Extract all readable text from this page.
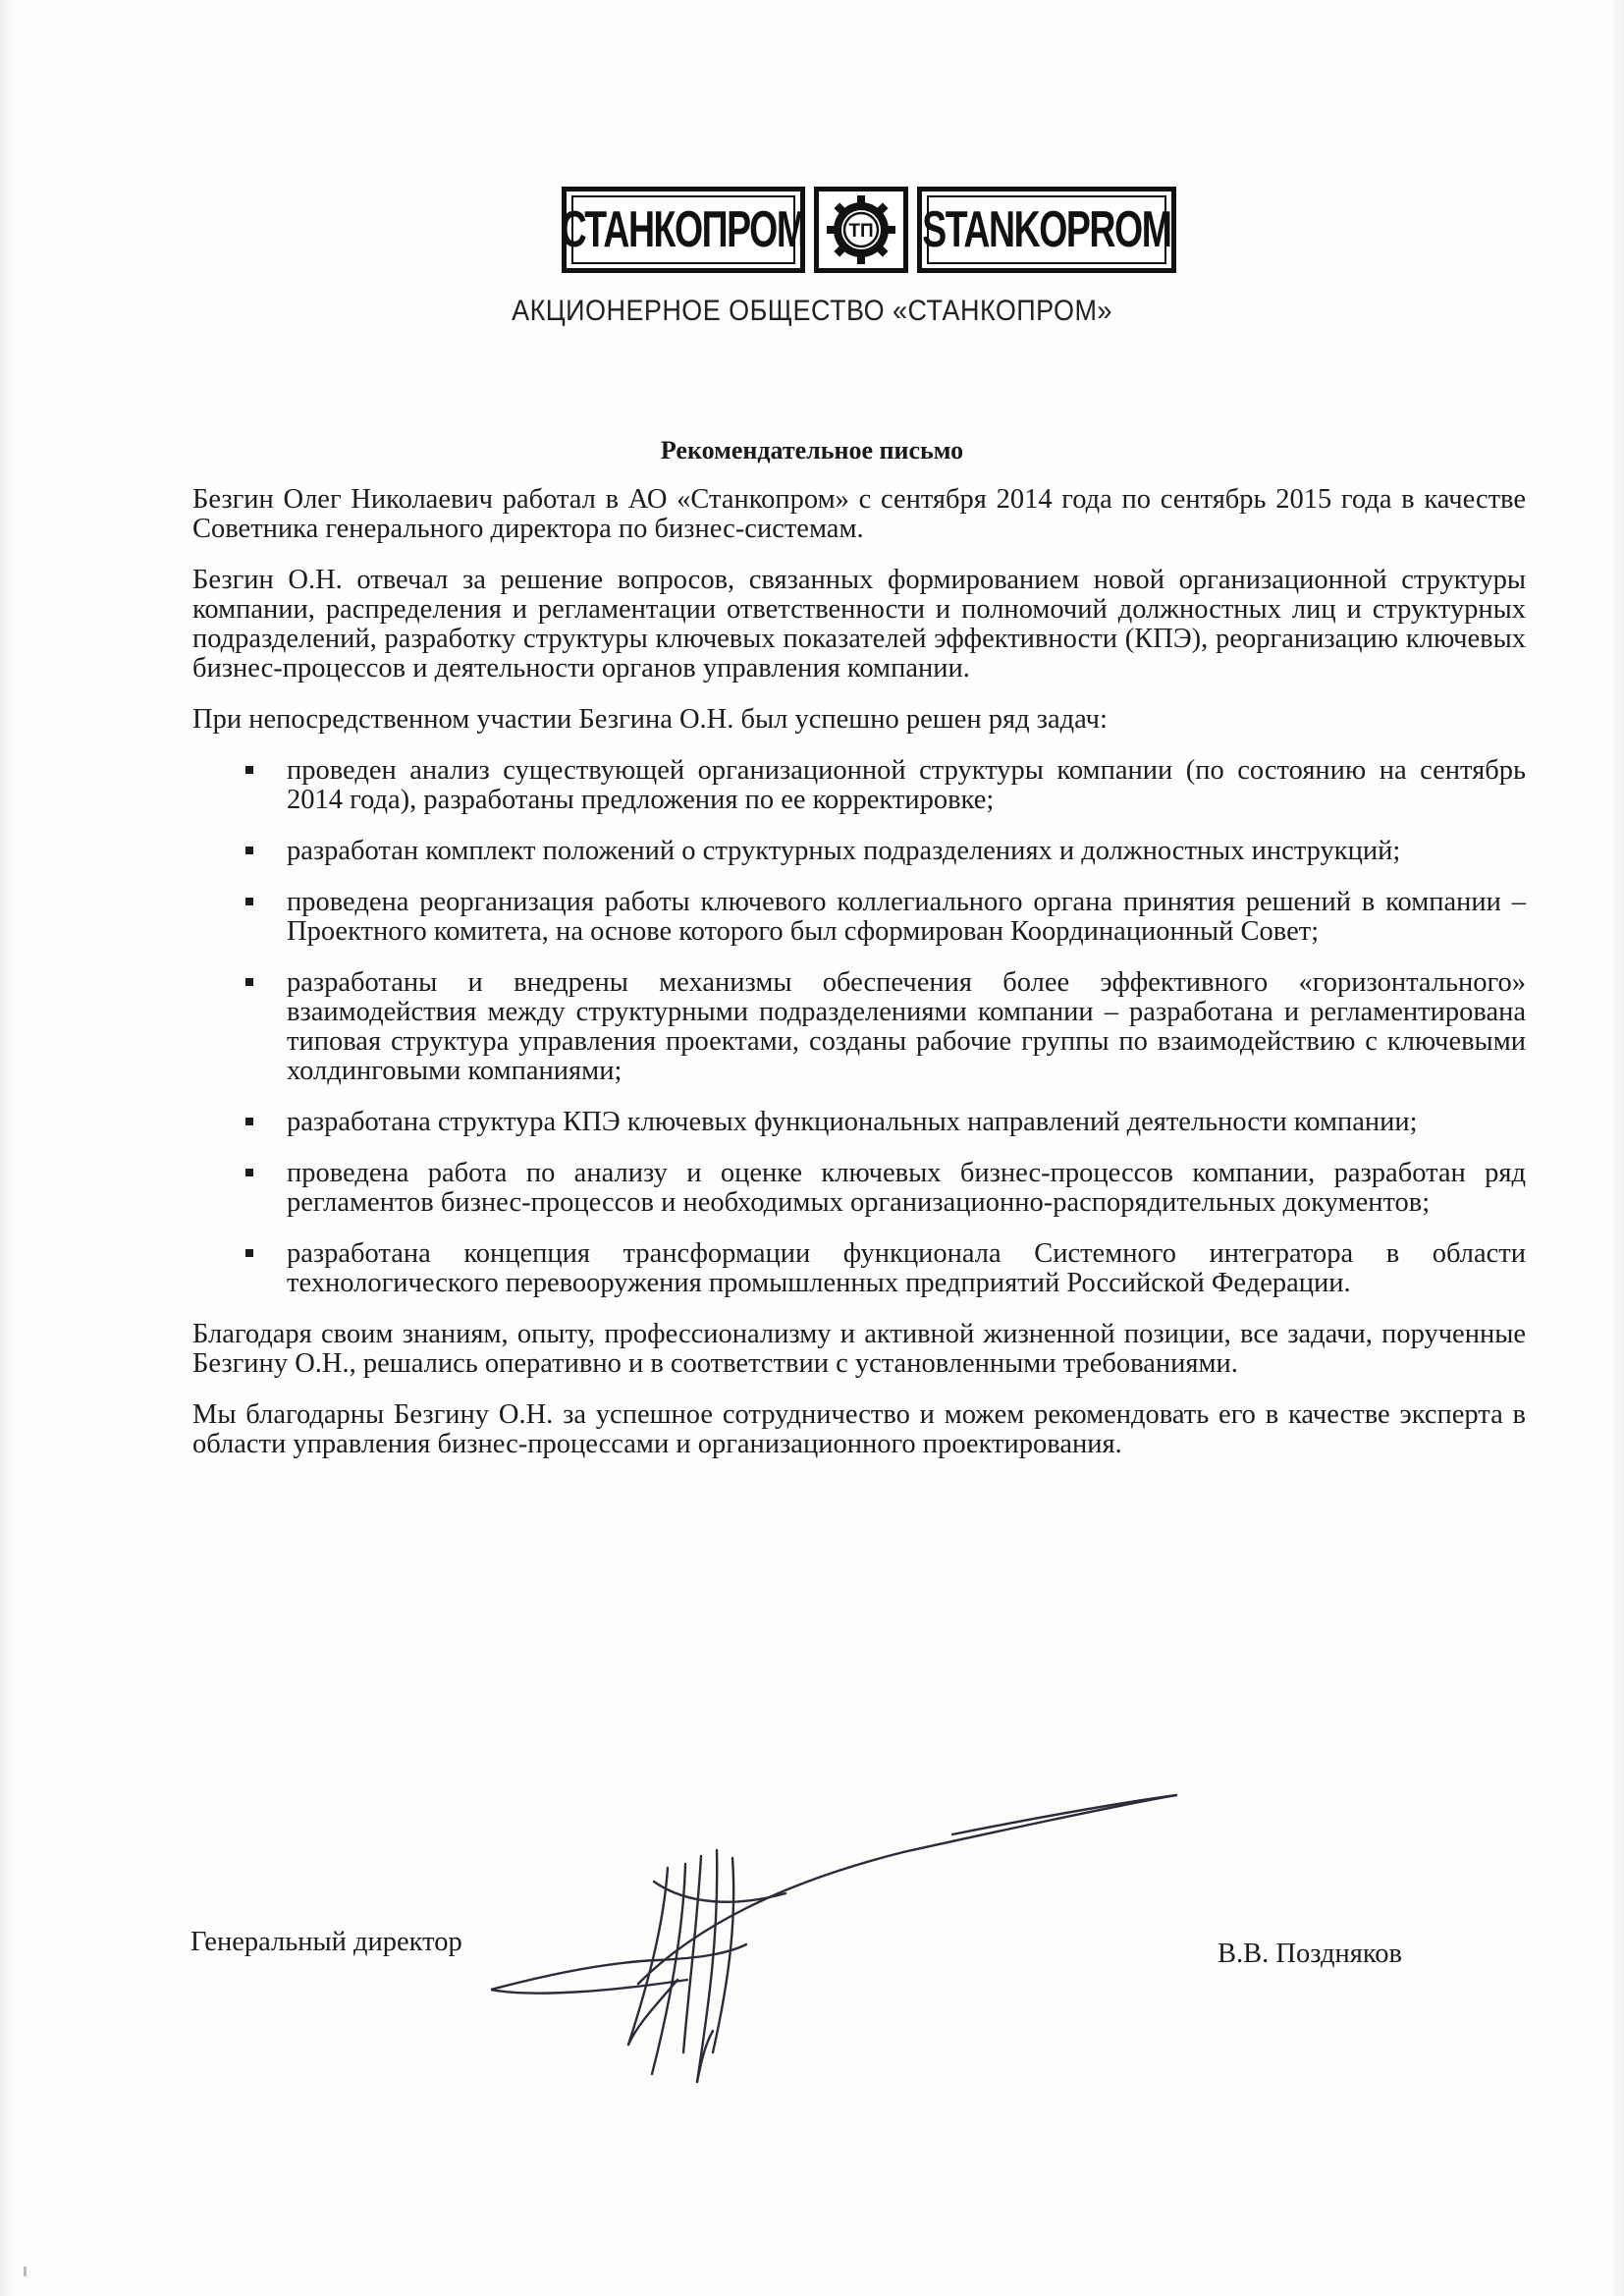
СТАНКОПРОМ ТП STANKOPROM
АКЦИОНЕРНОЕ ОБЩЕСТВО «СТАНКОПРОМ»
Рекомендательное письмо

Безгин Олег Николаевич работал в АО «Станкопром» с сентября 2014 года по сентябрь 2015 года в качестве Советника генерального директора по бизнес-системам.

Безгин О.Н. отвечал за решение вопросов, связанных формированием новой организационной структуры компании, распределения и регламентации ответственности и полномочий должностных лиц и структурных подразделений, разработку структуры ключевых показателей эффективности (КПЭ), реорганизацию ключевых бизнес-процессов и деятельности органов управления компании.

При непосредственном участии Безгина О.Н. был успешно решен ряд задач:

проведен анализ существующей организационной структуры компании (по состоянию на сентябрь 2014 года), разработаны предложения по ее корректировке;
разработан комплект положений о структурных подразделениях и должностных инструкций;
проведена реорганизация работы ключевого коллегиального органа принятия решений в компании – Проектного комитета, на основе которого был сформирован Координационный Совет;
разработаны и внедрены механизмы обеспечения более эффективного «горизонтального» взаимодействия между структурными подразделениями компании – разработана и регламентирована типовая структура управления проектами, созданы рабочие группы по взаимодействию с ключевыми холдинговыми компаниями;
разработана структура КПЭ ключевых функциональных направлений деятельности компании;
проведена работа по анализу и оценке ключевых бизнес-процессов компании, разработан ряд регламентов бизнес-процессов и необходимых организационно-распорядительных документов;
разработана концепция трансформации функционала Системного интегратора в области технологического перевооружения промышленных предприятий Российской Федерации.

Благодаря своим знаниям, опыту, профессионализму и активной жизненной позиции, все задачи, порученные Безгину О.Н., решались оперативно и в соответствии с установленными требованиями.

Мы благодарны Безгину О.Н. за успешное сотрудничество и можем рекомендовать его в качестве эксперта в области управления бизнес-процессами и организационного проектирования.

Генеральный директор	В.В. Поздняков
